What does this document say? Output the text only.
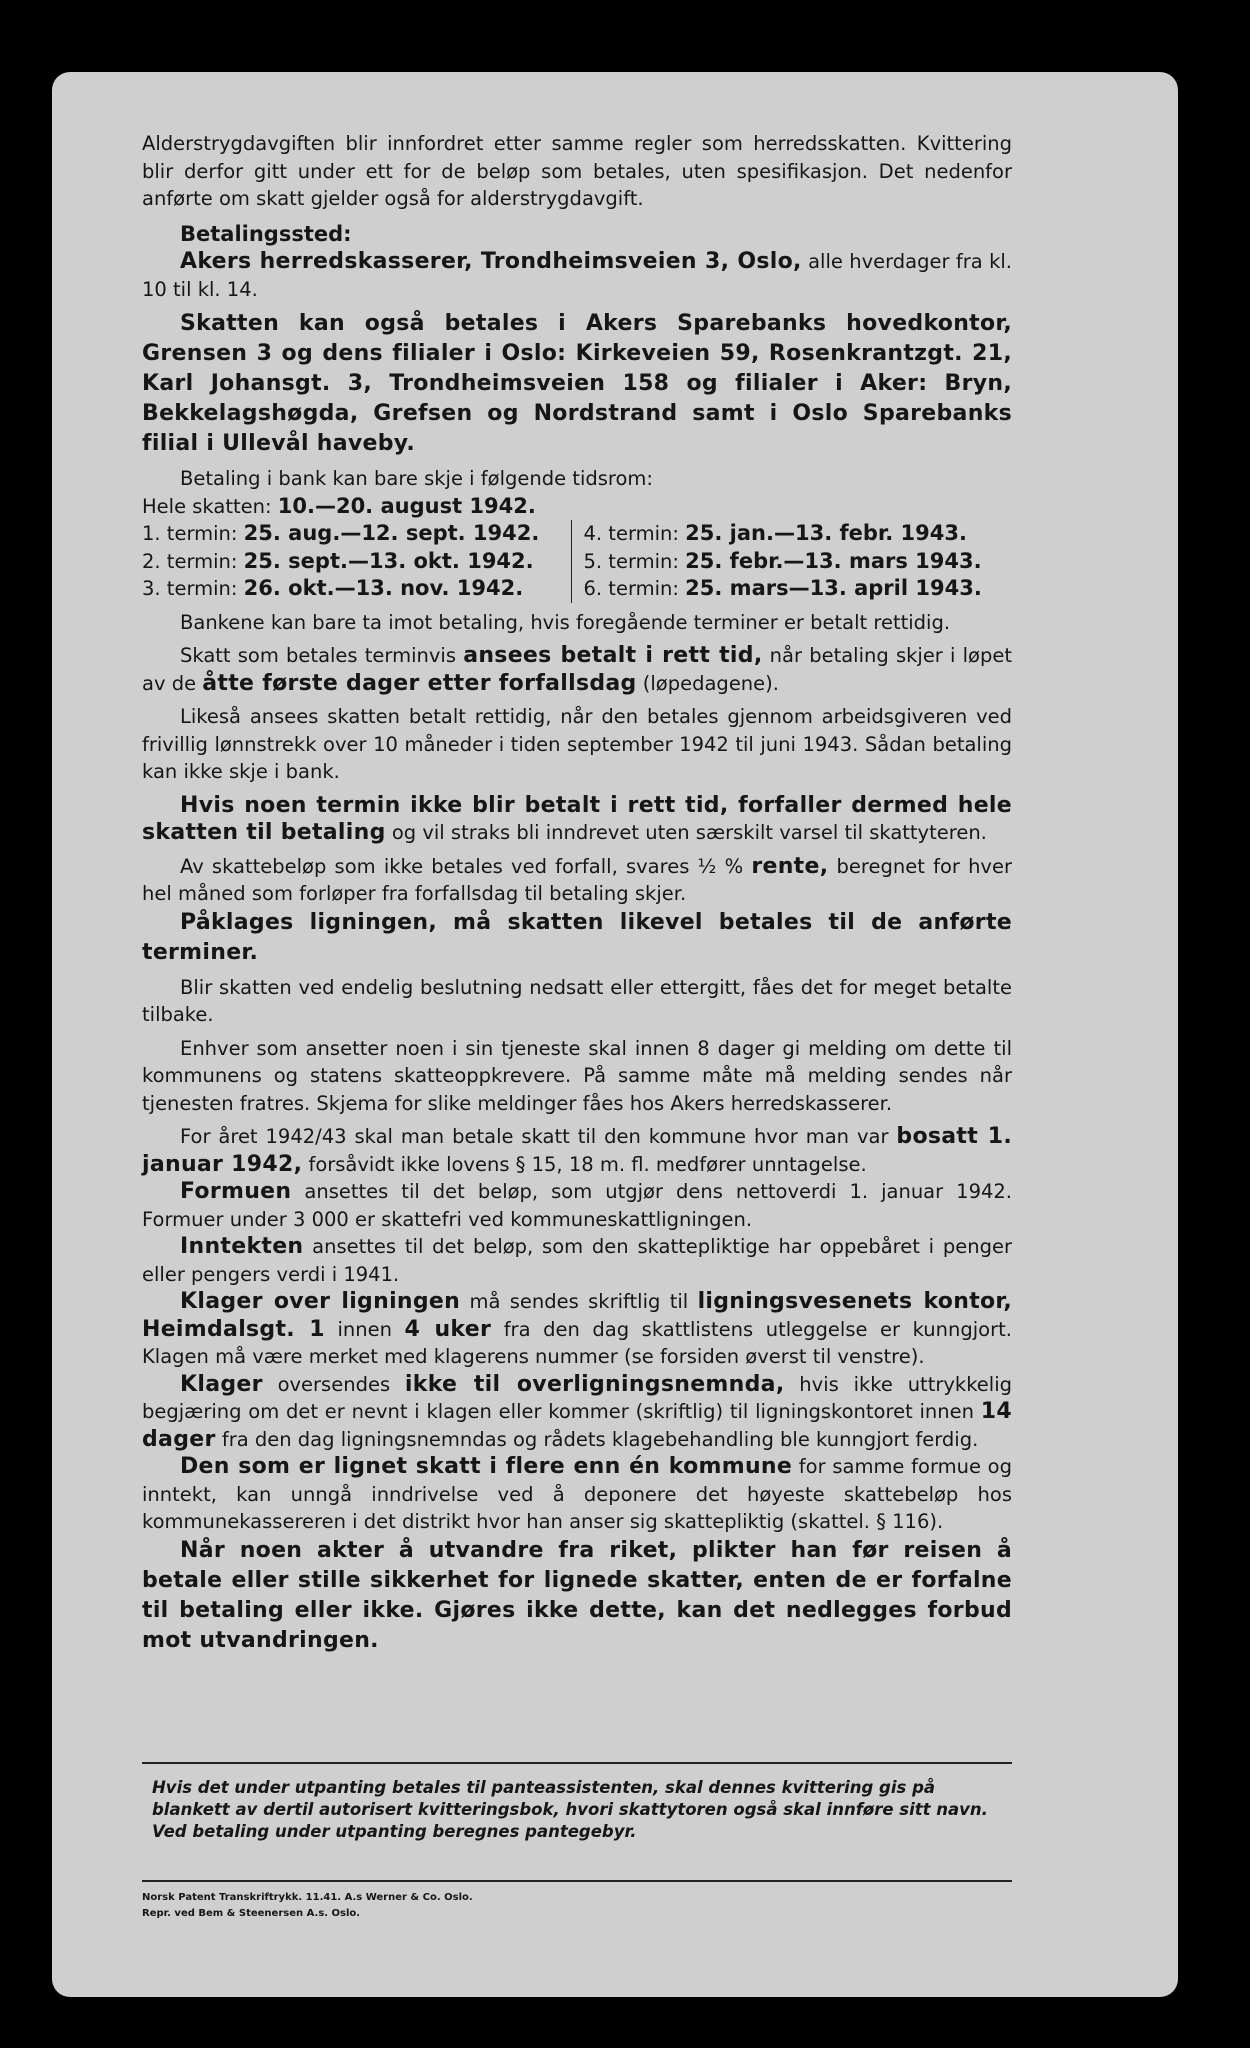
Alderstrygdavgiften blir innfordret etter samme regler som herredsskatten. Kvittering blir derfor gitt under ett for de beløp som betales, uten spesifikasjon. Det nedenfor anførte om skatt gjelder også for alderstrygdavgift.

Betalingssted:

Akers herredskasserer, Trondheimsveien 3, Oslo, alle hverdager fra kl. 10 til kl. 14.

Skatten kan også betales i Akers Sparebanks hovedkontor, Grensen 3 og dens filialer i Oslo: Kirkeveien 59, Rosenkrantzgt. 21, Karl Johansgt. 3, Trondheimsveien 158 og filialer i Aker: Bryn, Bekkelagshøgda, Grefsen og Nordstrand samt i Oslo Sparebanks filial i Ullevål haveby.

Betaling i bank kan bare skje i følgende tidsrom:

Hele skatten: 10.—20. august 1942.

1. termin: 25. aug.—12. sept. 1942.
2. termin: 25. sept.—13. okt. 1942.
3. termin: 26. okt.—13. nov. 1942.
4. termin: 25. jan.—13. febr. 1943.
5. termin: 25. febr.—13. mars 1943.
6. termin: 25. mars—13. april 1943.

Bankene kan bare ta imot betaling, hvis foregående terminer er betalt rettidig.

Skatt som betales terminvis ansees betalt i rett tid, når betaling skjer i løpet av de åtte første dager etter forfallsdag (løpedagene).

Likeså ansees skatten betalt rettidig, når den betales gjennom arbeidsgiveren ved frivillig lønnstrekk over 10 måneder i tiden september 1942 til juni 1943. Sådan betaling kan ikke skje i bank.

Hvis noen termin ikke blir betalt i rett tid, forfaller dermed hele skatten til betaling og vil straks bli inndrevet uten særskilt varsel til skattyteren.

Av skattebeløp som ikke betales ved forfall, svares ½ % rente, beregnet for hver hel måned som forløper fra forfallsdag til betaling skjer.

Påklages ligningen, må skatten likevel betales til de anførte terminer.

Blir skatten ved endelig beslutning nedsatt eller ettergitt, fåes det for meget betalte tilbake.

Enhver som ansetter noen i sin tjeneste skal innen 8 dager gi melding om dette til kommunens og statens skatteoppkrevere. På samme måte må melding sendes når tjenesten fratres. Skjema for slike meldinger fåes hos Akers herredskasserer.

For året 1942/43 skal man betale skatt til den kommune hvor man var bosatt 1. januar 1942, forsåvidt ikke lovens § 15, 18 m. fl. medfører unntagelse.

Formuen ansettes til det beløp, som utgjør dens nettoverdi 1. januar 1942. Formuer under 3 000 er skattefri ved kommuneskattligningen.

Inntekten ansettes til det beløp, som den skattepliktige har oppebåret i penger eller pengers verdi i 1941.

Klager over ligningen må sendes skriftlig til ligningsvesenets kontor, Heimdalsgt. 1 innen 4 uker fra den dag skattlistens utleggelse er kunngjort. Klagen må være merket med klagerens nummer (se forsiden øverst til venstre).

Klager oversendes ikke til overligningsnemnda, hvis ikke uttrykkelig begjæring om det er nevnt i klagen eller kommer (skriftlig) til ligningskontoret innen 14 dager fra den dag ligningsnemndas og rådets klagebehandling ble kunngjort ferdig.

Den som er lignet skatt i flere enn én kommune for samme formue og inntekt, kan unngå inndrivelse ved å deponere det høyeste skattebeløp hos kommunekassereren i det distrikt hvor han anser sig skattepliktig (skattel. § 116).

Når noen akter å utvandre fra riket, plikter han før reisen å betale eller stille sikkerhet for lignede skatter, enten de er forfalne til betaling eller ikke. Gjøres ikke dette, kan det nedlegges forbud mot utvandringen.

Hvis det under utpanting betales til panteassistenten, skal dennes kvittering gis på blankett av dertil autorisert kvitteringsbok, hvori skattytoren også skal innføre sitt navn. Ved betaling under utpanting beregnes pantegebyr.
Norsk Patent Transkriftrykk. 11.41. A.s Werner & Co. Oslo.
Repr. ved Bem & Steenersen A.s. Oslo.
